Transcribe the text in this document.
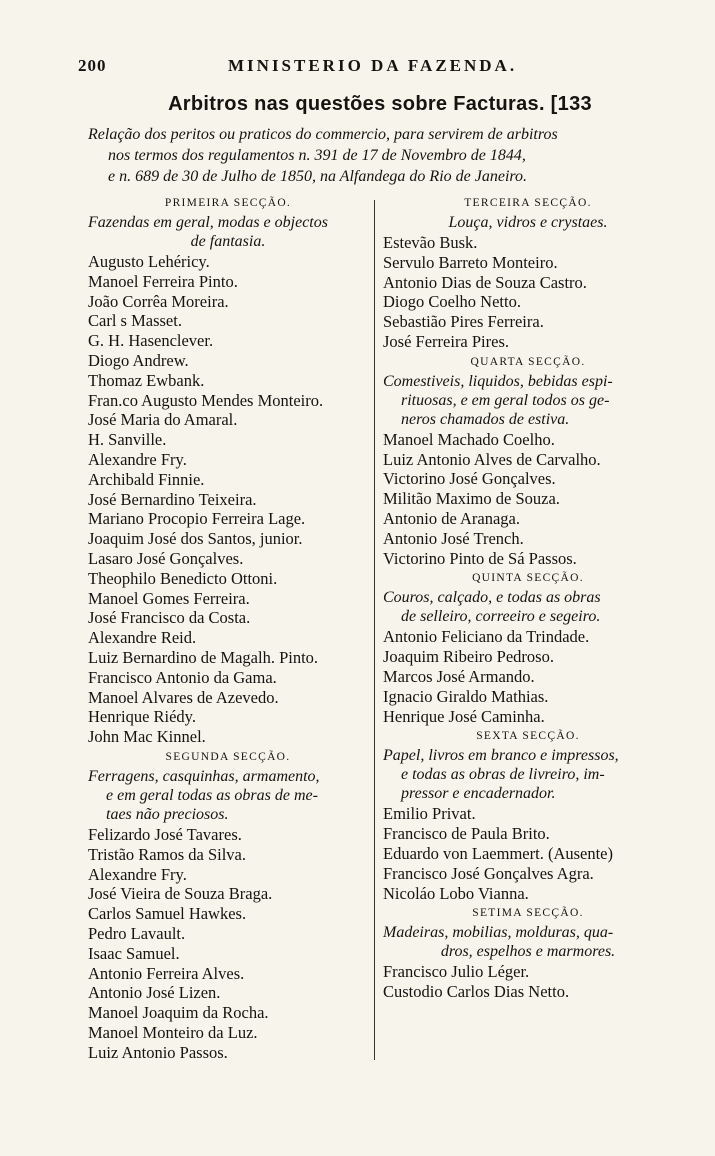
200	MINISTERIO DA FAZENDA.
Arbitros nas questões sobre Facturas. [133
Relação dos peritos ou praticos do commercio, para servirem de arbitros
nos termos dos regulamentos n. 391 de 17 de Novembro de 1844,
e n. 689 de 30 de Julho de 1850, na Alfandega do Rio de Janeiro.
PRIMEIRA SECÇÃO.
Fazendas em geral, modas e objectos
de fantasia.
Augusto Lehéricy.
Manoel Ferreira Pinto.
João Corrêa Moreira.
Carl s Masset.
G. H. Hasenclever.
Diogo Andrew.
Thomaz Ewbank.
Fran.co Augusto Mendes Monteiro.
José Maria do Amaral.
H. Sanville.
Alexandre Fry.
Archibald Finnie.
José Bernardino Teixeira.
Mariano Procopio Ferreira Lage.
Joaquim José dos Santos, junior.
Lasaro José Gonçalves.
Theophilo Benedicto Ottoni.
Manoel Gomes Ferreira.
José Francisco da Costa.
Alexandre Reid.
Luiz Bernardino de Magalh. Pinto.
Francisco Antonio da Gama.
Manoel Alvares de Azevedo.
Henrique Riédy.
John Mac Kinnel.
SEGUNDA SECÇÃO.
Ferragens, casquinhas, armamento,
e em geral todas as obras de me-
taes não preciosos.
Felizardo José Tavares.
Tristão Ramos da Silva.
Alexandre Fry.
José Vieira de Souza Braga.
Carlos Samuel Hawkes.
Pedro Lavault.
Isaac Samuel.
Antonio Ferreira Alves.
Antonio José Lizen.
Manoel Joaquim da Rocha.
Manoel Monteiro da Luz.
Luiz Antonio Passos.
TERCEIRA SECÇÃO.
Louça, vidros e crystaes.
Estevão Busk.
Servulo Barreto Monteiro.
Antonio Dias de Souza Castro.
Diogo Coelho Netto.
Sebastião Pires Ferreira.
José Ferreira Pires.
QUARTA SECÇÃO.
Comestiveis, liquidos, bebidas espi-
rituosas, e em geral todos os ge-
neros chamados de estiva.
Manoel Machado Coelho.
Luiz Antonio Alves de Carvalho.
Victorino José Gonçalves.
Militão Maximo de Souza.
Antonio de Aranaga.
Antonio José Trench.
Victorino Pinto de Sá Passos.
QUINTA SECÇÃO.
Couros, calçado, e todas as obras
de selleiro, correeiro e segeiro.
Antonio Feliciano da Trindade.
Joaquim Ribeiro Pedroso.
Marcos José Armando.
Ignacio Giraldo Mathias.
Henrique José Caminha.
SEXTA SECÇÃO.
Papel, livros em branco e impressos,
e todas as obras de livreiro, im-
pressor e encadernador.
Emilio Privat.
Francisco de Paula Brito.
Eduardo von Laemmert. (Ausente)
Francisco José Gonçalves Agra.
Nicoláo Lobo Vianna.
SETIMA SECÇÃO.
Madeiras, mobilias, molduras, qua-
dros, espelhos e marmores.
Francisco Julio Léger.
Custodio Carlos Dias Netto.
